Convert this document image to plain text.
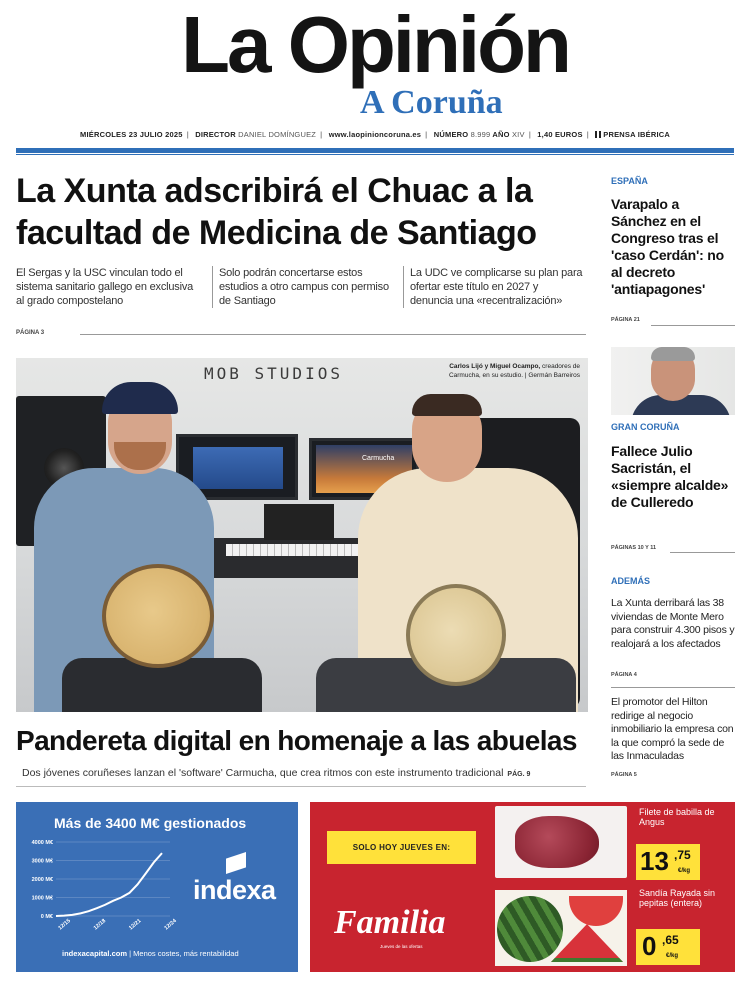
La Opinión
A Coruña
MIÉRCOLES 23 JULIO 2025 | DIRECTOR DANIEL DOMÍNGUEZ | www.laopinioncoruna.es | NÚMERO 8.999 AÑO XIV | 1,40 EUROS | PRENSA IBÉRICA
La Xunta adscribirá el Chuac a la facultad de Medicina de Santiago
El Sergas y la USC vinculan todo el sistema sanitario gallego en exclusiva al grado compostelano
Solo podrán concertarse estos estudios a otro campus con permiso de Santiago
La UDC ve complicarse su plan para ofertar este título en 2027 y denuncia una «recentralización»
PÁGINA 3
MOB STUDIOS
Carmucha
Carlos Lijó y Miguel Ocampo, creadores de Carmucha, en su estudio. | Germán Barreiros
Pandereta digital en homenaje a las abuelas
Dos jóvenes coruñeses lanzan el 'software' Carmucha, que crea ritmos con este instrumento tradicional PÁG. 9
ESPAÑA
Varapalo a Sánchez en el Congreso tras el 'caso Cerdán': no al decreto 'antiapagones'
PÁGINA 21
GRAN CORUÑA
Fallece Julio Sacristán, el «siempre alcalde» de Culleredo
PÁGINAS 10 Y 11
ADEMÁS
La Xunta derribará las 38 viviendas de Monte Mero para construir 4.300 pisos y realojará a los afectados
PÁGINA 4
El promotor del Hilton redirige al negocio inmobiliario la empresa con la que compró la sede de las Inmaculadas
PÁGINA 5
Más de 3400 M€ gestionados
0 M€
1000 M€
2000 M€
3000 M€
4000 M€
12/15	12/18	12/21	12/24
indexa
indexacapital.com | Menos costes, más rentabilidad
SOLO HOY JUEVES EN:
Familia
Jueves de las ofertas
Filete de babilla de Angus
13 ,75
€/kg
Sandía Rayada sin pepitas (entera)
0 ,65
€/kg
